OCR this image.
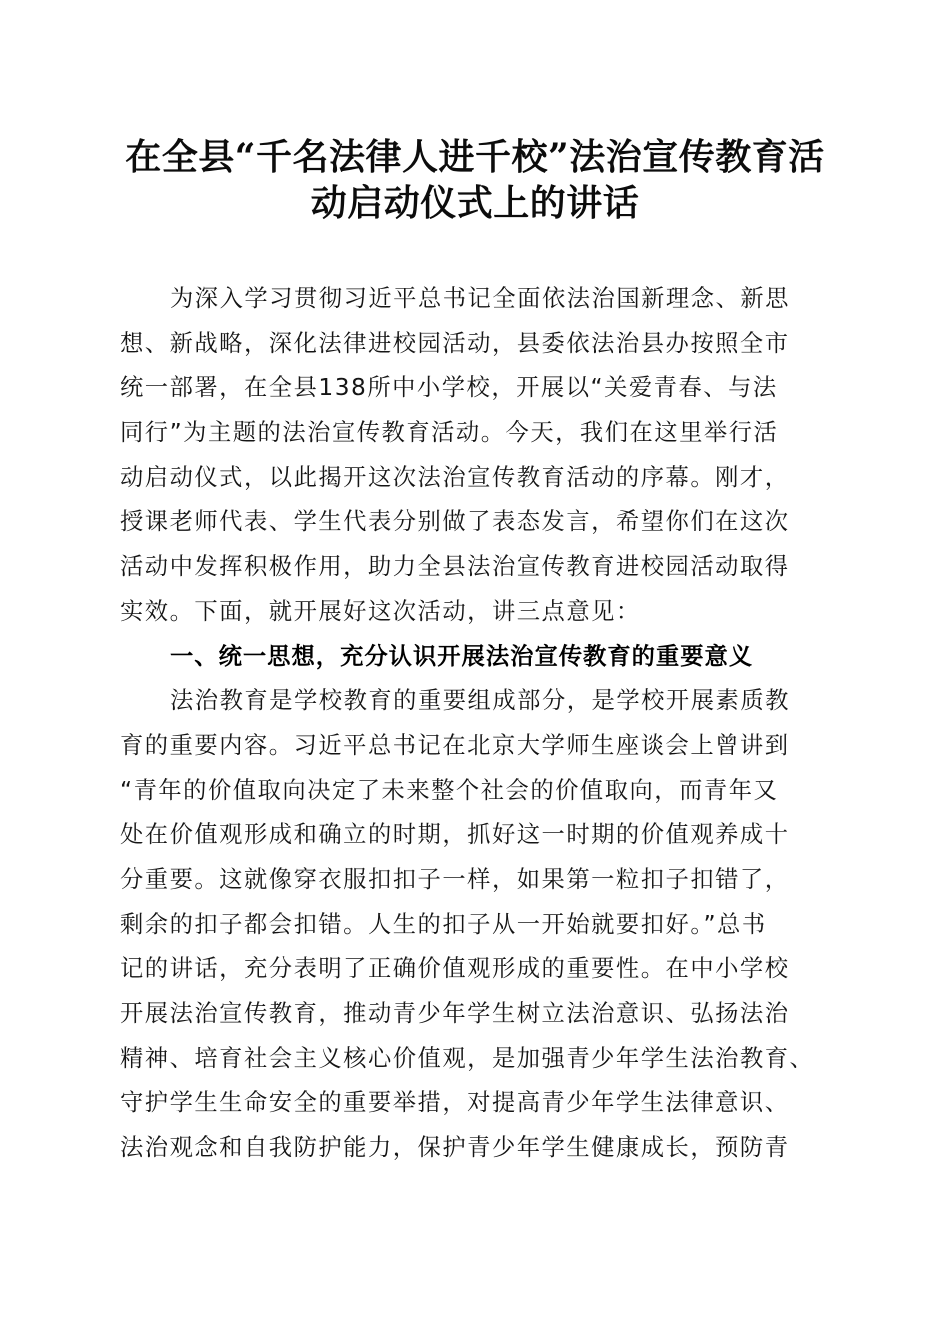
在全县“千名法律人进千校”法治宣传教育活
动启动仪式上的讲话
为深入学习贯彻习近平总书记全面依法治国新理念、新思
想、新战略，深化法律进校园活动，县委依法治县办按照全市
统一部署，在全县138所中小学校，开展以“关爱青春、与法
同行”为主题的法治宣传教育活动。今天，我们在这里举行活
动启动仪式，以此揭开这次法治宣传教育活动的序幕。刚才，
授课老师代表、学生代表分别做了表态发言，希望你们在这次
活动中发挥积极作用，助力全县法治宣传教育进校园活动取得
实效。下面，就开展好这次活动，讲三点意见：
一、统一思想，充分认识开展法治宣传教育的重要意义
法治教育是学校教育的重要组成部分，是学校开展素质教
育的重要内容。习近平总书记在北京大学师生座谈会上曾讲到
“青年的价值取向决定了未来整个社会的价值取向，而青年又
处在价值观形成和确立的时期，抓好这一时期的价值观养成十
分重要。这就像穿衣服扣扣子一样，如果第一粒扣子扣错了，
剩余的扣子都会扣错。人生的扣子从一开始就要扣好。”总书
记的讲话，充分表明了正确价值观形成的重要性。在中小学校
开展法治宣传教育，推动青少年学生树立法治意识、弘扬法治
精神、培育社会主义核心价值观，是加强青少年学生法治教育、
守护学生生命安全的重要举措，对提高青少年学生法律意识、
法治观念和自我防护能力，保护青少年学生健康成长，预防青
